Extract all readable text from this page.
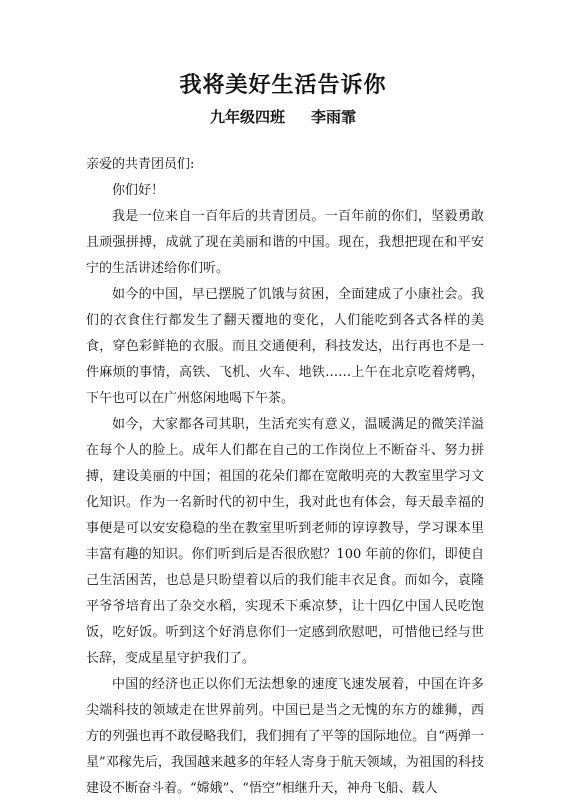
我将美好生活告诉你
九年级四班 李雨霏

亲爱的共青团员们:

你们好！

我是一位来自一百年后的共青团员。一百年前的你们，坚毅勇敢且顽强拼搏，成就了现在美丽和谐的中国。现在，我想把现在和平安宁的生活讲述给你们听。

如今的中国，早已摆脱了饥饿与贫困，全面建成了小康社会。我们的衣食住行都发生了翻天覆地的变化，人们能吃到各式各样的美食，穿色彩鲜艳的衣服。而且交通便利，科技发达，出行再也不是一件麻烦的事情，高铁、飞机、火车、地铁……上午在北京吃着烤鸭，下午也可以在广州悠闲地喝下午茶。

如今，大家都各司其职，生活充实有意义，温暖满足的微笑洋溢在每个人的脸上。成年人们都在自己的工作岗位上不断奋斗、努力拼搏，建设美丽的中国；祖国的花朵们都在宽敞明亮的大教室里学习文化知识。作为一名新时代的初中生，我对此也有体会，每天最幸福的事便是可以安安稳稳的坐在教室里听到老师的谆谆教导，学习课本里丰富有趣的知识。你们听到后是否很欣慰？100 年前的你们，即使自己生活困苦，也总是只盼望着以后的我们能丰衣足食。而如今，袁隆平爷爷培育出了杂交水稻，实现禾下乘凉梦，让十四亿中国人民吃饱饭，吃好饭。听到这个好消息你们一定感到欣慰吧，可惜他已经与世长辞，变成星星守护我们了。

中国的经济也正以你们无法想象的速度飞速发展着，中国在许多尖端科技的领域走在世界前列。中国已是当之无愧的东方的雄狮，西方的列强也再不敢侵略我们，我们拥有了平等的国际地位。自“两弹一星”邓稼先后，我国越来越多的年轻人寄身于航天领域，为祖国的科技建设不断奋斗着。“嫦娥”、“悟空”相继升天，神舟飞船、载人
